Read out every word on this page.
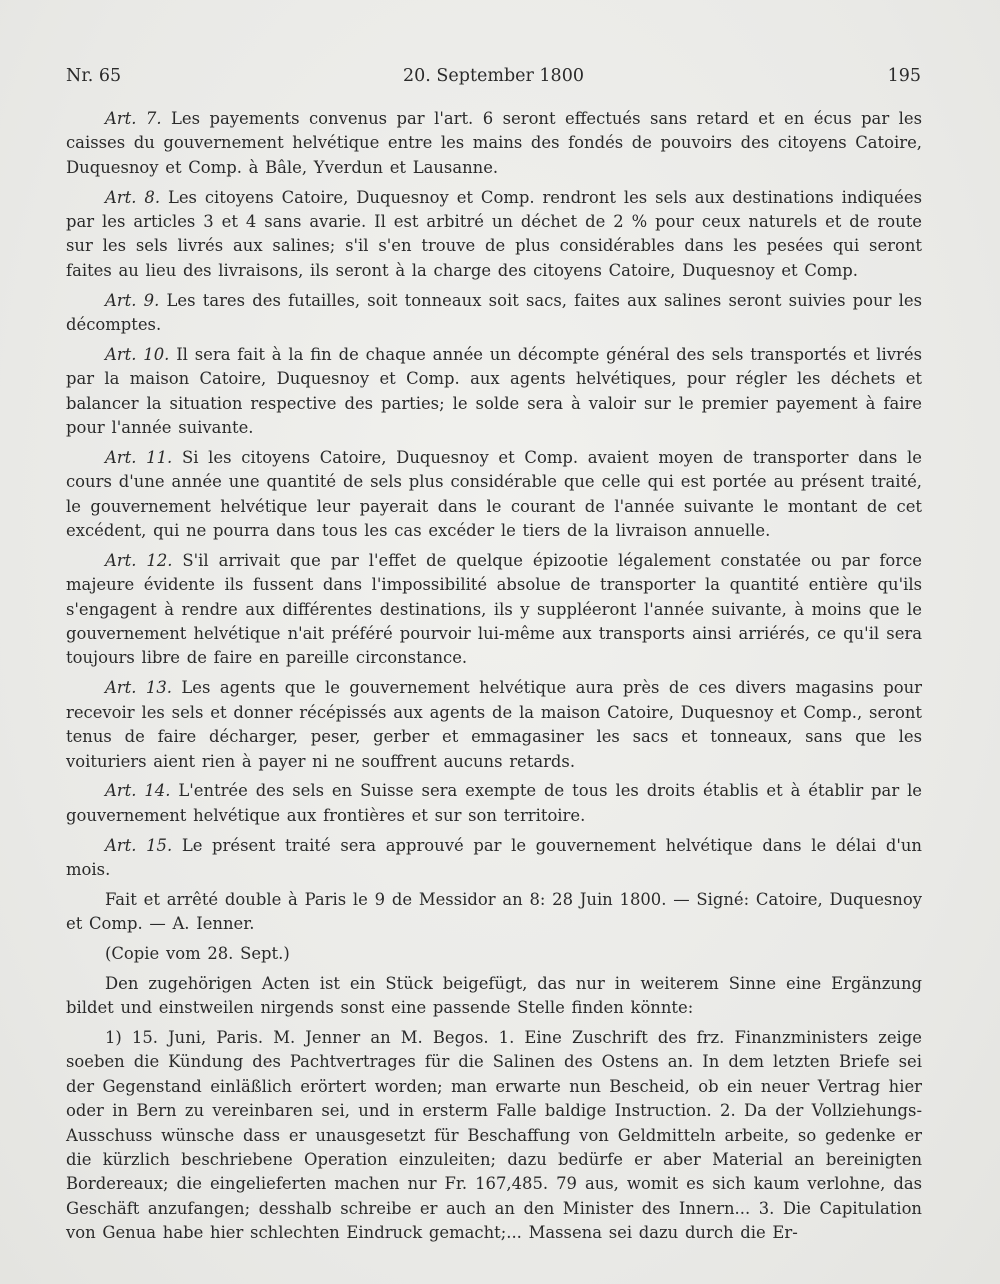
Nr. 65	20. September 1800	195

Art. 7. Les payements convenus par l'art. 6 seront effectués sans retard et en écus par les caisses du gouvernement helvétique entre les mains des fondés de pouvoirs des citoyens Catoire, Duquesnoy et Comp. à Bâle, Yverdun et Lausanne.

Art. 8. Les citoyens Catoire, Duquesnoy et Comp. rendront les sels aux destinations indiquées par les articles 3 et 4 sans avarie. Il est arbitré un déchet de 2 % pour ceux naturels et de route sur les sels livrés aux salines; s'il s'en trouve de plus considérables dans les pesées qui seront faites au lieu des livraisons, ils seront à la charge des citoyens Catoire, Duquesnoy et Comp.

Art. 9. Les tares des futailles, soit tonneaux soit sacs, faites aux salines seront suivies pour les décomptes.

Art. 10. Il sera fait à la fin de chaque année un décompte général des sels transportés et livrés par la maison Catoire, Duquesnoy et Comp. aux agents helvétiques, pour régler les déchets et balancer la situation respective des parties; le solde sera à valoir sur le premier payement à faire pour l'année suivante.

Art. 11. Si les citoyens Catoire, Duquesnoy et Comp. avaient moyen de transporter dans le cours d'une année une quantité de sels plus considérable que celle qui est portée au présent traité, le gouvernement helvétique leur payerait dans le courant de l'année suivante le montant de cet excédent, qui ne pourra dans tous les cas excéder le tiers de la livraison annuelle.

Art. 12. S'il arrivait que par l'effet de quelque épizootie légalement constatée ou par force majeure évidente ils fussent dans l'impossibilité absolue de transporter la quantité entière qu'ils s'engagent à rendre aux différentes destinations, ils y suppléeront l'année suivante, à moins que le gouvernement helvétique n'ait préféré pourvoir lui-même aux transports ainsi arriérés, ce qu'il sera toujours libre de faire en pareille circonstance.

Art. 13. Les agents que le gouvernement helvétique aura près de ces divers magasins pour recevoir les sels et donner récépissés aux agents de la maison Catoire, Duquesnoy et Comp., seront tenus de faire décharger, peser, gerber et emmagasiner les sacs et tonneaux, sans que les voituriers aient rien à payer ni ne souffrent aucuns retards.

Art. 14. L'entrée des sels en Suisse sera exempte de tous les droits établis et à établir par le gouvernement helvétique aux frontières et sur son territoire.

Art. 15. Le présent traité sera approuvé par le gouvernement helvétique dans le délai d'un mois.

Fait et arrêté double à Paris le 9 de Messidor an 8: 28 Juin 1800. — Signé: Catoire, Duquesnoy et Comp. — A. Ienner.

(Copie vom 28. Sept.)

Den zugehörigen Acten ist ein Stück beigefügt, das nur in weiterem Sinne eine Ergänzung bildet und einstweilen nirgends sonst eine passende Stelle finden könnte:

1) 15. Juni, Paris. M. Jenner an M. Begos. 1. Eine Zuschrift des frz. Finanzministers zeige soeben die Kündung des Pachtvertrages für die Salinen des Ostens an. In dem letzten Briefe sei der Gegenstand einläßlich erörtert worden; man erwarte nun Bescheid, ob ein neuer Vertrag hier oder in Bern zu vereinbaren sei, und in ersterm Falle baldige Instruction. 2. Da der Vollziehungs-Ausschuss wünsche dass er unausgesetzt für Beschaffung von Geldmitteln arbeite, so gedenke er die kürzlich beschriebene Operation einzuleiten; dazu bedürfe er aber Material an bereinigten Bordereaux; die eingelieferten machen nur Fr. 167,485. 79 aus, womit es sich kaum verlohne, das Geschäft anzufangen; desshalb schreibe er auch an den Minister des Innern... 3. Die Capitulation von Genua habe hier schlechten Eindruck gemacht;... Massena sei dazu durch die Er-
